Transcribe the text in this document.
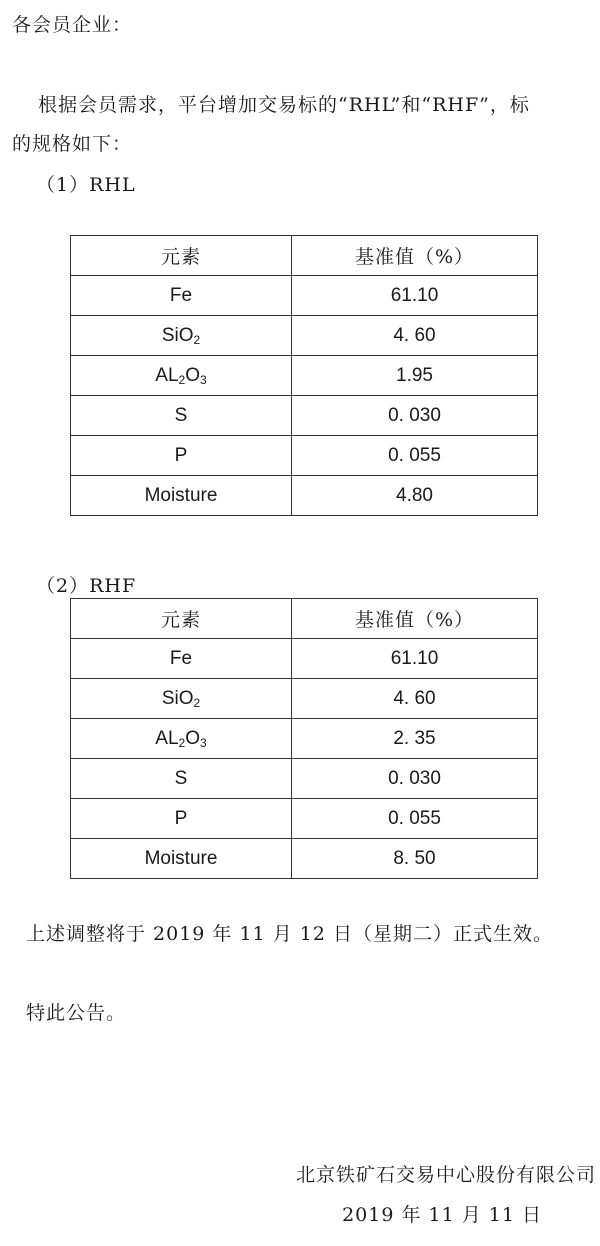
各会员企业：
根据会员需求，平台增加交易标的“RHL”和“RHF”，标
的规格如下：
（1）RHL
元素	基准值（%）
Fe	61.10
SiO$_2$	4. 60
$AL_2O_3$	1.95
S	0. 030
P	0. 055
Moisture	4.80
（2）RHF
元素	基准值（%）
Fe	61.10
SiO$_2$	4. 60
$AL_2O_3$	2. 35
S	0. 030
P	0. 055
Moisture	8. 50
上述调整将于 2019 年 11 月 12 日（星期二）正式生效。
特此公告。
北京铁矿石交易中心股份有限公司
2019 年 11 月 11 日
